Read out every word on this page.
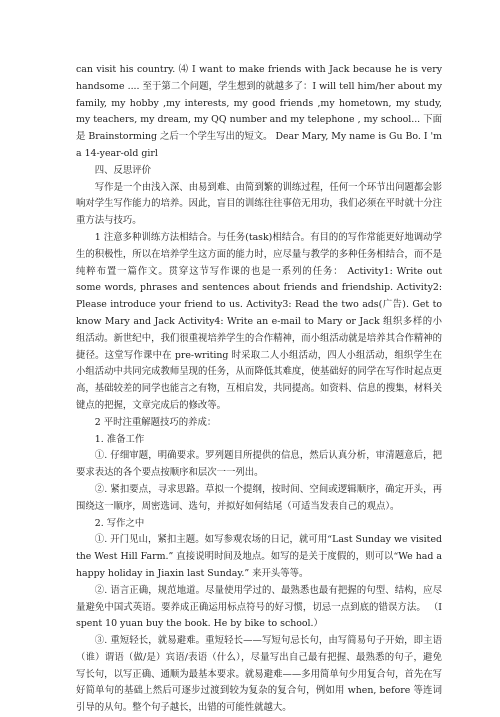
can visit his country. ⑷ I want to make friends with Jack because he is very handsome .... 至于第二个问题，学生想到的就越多了：I will tell him/her about my family, my hobby ,my interests, my good friends ,my hometown, my study, my teachers, my dream, my QQ number and my telephone , my school... 下面是 Brainstorming 之后一个学生写出的短文。 Dear Mary, My name is Gu Bo. I 'm a 14-year-old girl

四、反思评价

写作是一个由浅入深、由易到难、由简到繁的训练过程，任何一个环节出问题都会影响对学生写作能力的培养。因此，盲目的训练往往事倍无用功，我们必须在平时就十分注重方法与技巧。

1 注意多种训练方法相结合。与任务(task)相结合。有目的的写作常能更好地调动学生的积极性，所以在培养学生这方面的能力时，应尽量与教学的多种任务相结合，而不是纯粹布置一篇作文。贯穿这节写作课的也是一系列的任务： Activity1: Write out some words, phrases and sentences about friends and friendship. Activity2: Please introduce your friend to us. Activity3: Read the two ads(广告). Get to know Mary and Jack Activity4: Write an e-mail to Mary or Jack 组织多样的小组活动。新世纪中，我们很重视培养学生的合作精神，而小组活动就是培养其合作精神的捷径。这堂写作课中在 pre-writing 时采取二人小组活动，四人小组活动，组织学生在小组活动中共同完成教师呈现的任务，从而降低其难度，使基础好的同学在写作时起点更高，基础较差的同学也能言之有物，互相启发，共同提高。如资料、信息的搜集，材料关键点的把握，文章完成后的修改等。

2 平时注重解题技巧的养成：

1. 准备工作

①. 仔细审题，明确要求。罗列题目所提供的信息，然后认真分析，审清题意后，把要求表达的各个要点按顺序和层次一一列出。

②. 紧扣要点，寻求思路。草拟一个提纲，按时间、空间或逻辑顺序，确定开头，再围绕这一顺序，周密选词、选句，并拟好如何结尾（可适当发表自己的观点）。

2. 写作之中

①. 开门见山，紧扣主题。如写参观农场的日记，就可用“Last Sunday we visited the West Hill Farm.” 直接说明时间及地点。如写的是关于度假的，则可以“We had a happy holiday in Jiaxin last Sunday.” 来开头等等。

②. 语言正确，规范地道。尽量使用学过的、最熟悉也最有把握的句型、结构，应尽量避免中国式英语。要养成正确运用标点符号的好习惯，切忌一点到底的错误方法。 （I spent 10 yuan buy the book. He by bike to school.）

③. 重短轻长，就易避难。重短轻长——写短句忌长句，由写简易句子开始，即主语（谁）谓语（做/是）宾语/表语（什么），尽量写出自己最有把握、最熟悉的句子，避免写长句，以写正确、通顺为最基本要求。就易避难——多用简单句少用复合句，首先在写好简单句的基础上然后可逐步过渡到较为复杂的复合句，例如用 when, before 等连词引导的从句。整个句子越长，出错的可能性就越大。
